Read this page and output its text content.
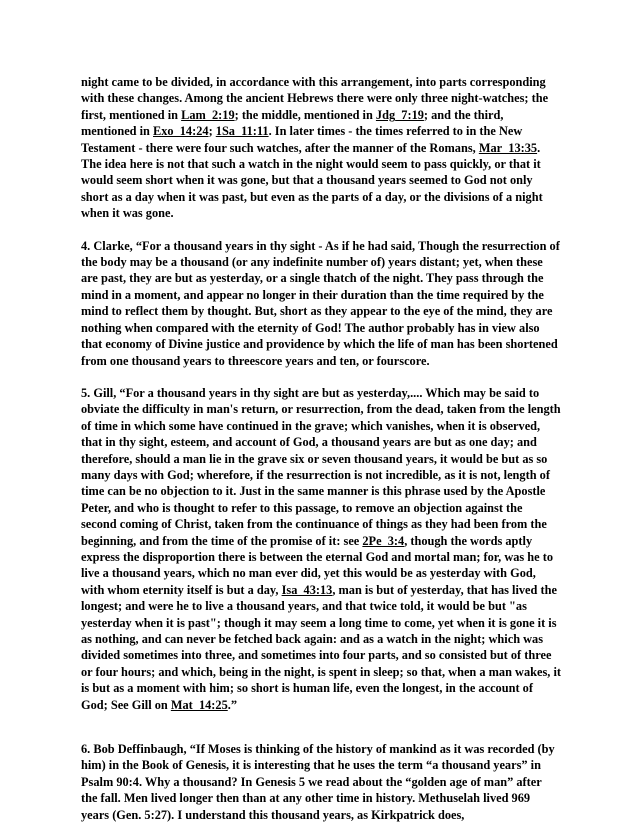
night came to be divided, in accordance with this arrangement, into parts corresponding with these changes. Among the ancient Hebrews there were only three night-watches; the first, mentioned in Lam_2:19; the middle, mentioned in Jdg_7:19; and the third, mentioned in Exo_14:24; 1Sa_11:11. In later times - the times referred to in the New Testament - there were four such watches, after the manner of the Romans, Mar_13:35. The idea here is not that such a watch in the night would seem to pass quickly, or that it would seem short when it was gone, but that a thousand years seemed to God not only short as a day when it was past, but even as the parts of a day, or the divisions of a night when it was gone.

4. Clarke, “For a thousand years in thy sight - As if he had said, Though the resurrection of the body may be a thousand (or any indefinite number of) years distant; yet, when these are past, they are but as yesterday, or a single thatch of the night. They pass through the mind in a moment, and appear no longer in their duration than the time required by the mind to reflect them by thought. But, short as they appear to the eye of the mind, they are nothing when compared with the eternity of God! The author probably has in view also that economy of Divine justice and providence by which the life of man has been shortened from one thousand years to threescore years and ten, or fourscore.

5. Gill, “For a thousand years in thy sight are but as yesterday,.... Which may be said to obviate the difficulty in man's return, or resurrection, from the dead, taken from the length of time in which some have continued in the grave; which vanishes, when it is observed, that in thy sight, esteem, and account of God, a thousand years are but as one day; and therefore, should a man lie in the grave six or seven thousand years, it would be but as so many days with God; wherefore, if the resurrection is not incredible, as it is not, length of time can be no objection to it. Just in the same manner is this phrase used by the Apostle Peter, and who is thought to refer to this passage, to remove an objection against the second coming of Christ, taken from the continuance of things as they had been from the beginning, and from the time of the promise of it: see 2Pe_3:4, though the words aptly express the disproportion there is between the eternal God and mortal man; for, was he to live a thousand years, which no man ever did, yet this would be as yesterday with God, with whom eternity itself is but a day, Isa_43:13, man is but of yesterday, that has lived the longest; and were he to live a thousand years, and that twice told, it would be but "as yesterday when it is past"; though it may seem a long time to come, yet when it is gone it is as nothing, and can never be fetched back again: and as a watch in the night; which was divided sometimes into three, and sometimes into four parts, and so consisted but of three or four hours; and which, being in the night, is spent in sleep; so that, when a man wakes, it is but as a moment with him; so short is human life, even the longest, in the account of God; See Gill on Mat_14:25.”

6. Bob Deffinbaugh, “If Moses is thinking of the history of mankind as it was recorded (by him) in the Book of Genesis, it is interesting that he uses the term “a thousand years” in Psalm 90:4. Why a thousand? In Genesis 5 we read about the “golden age of man” after the fall. Men lived longer then than at any other time in history. Methuselah lived 969 years (Gen. 5:27). I understand this thousand years, as Kirkpatrick does,
